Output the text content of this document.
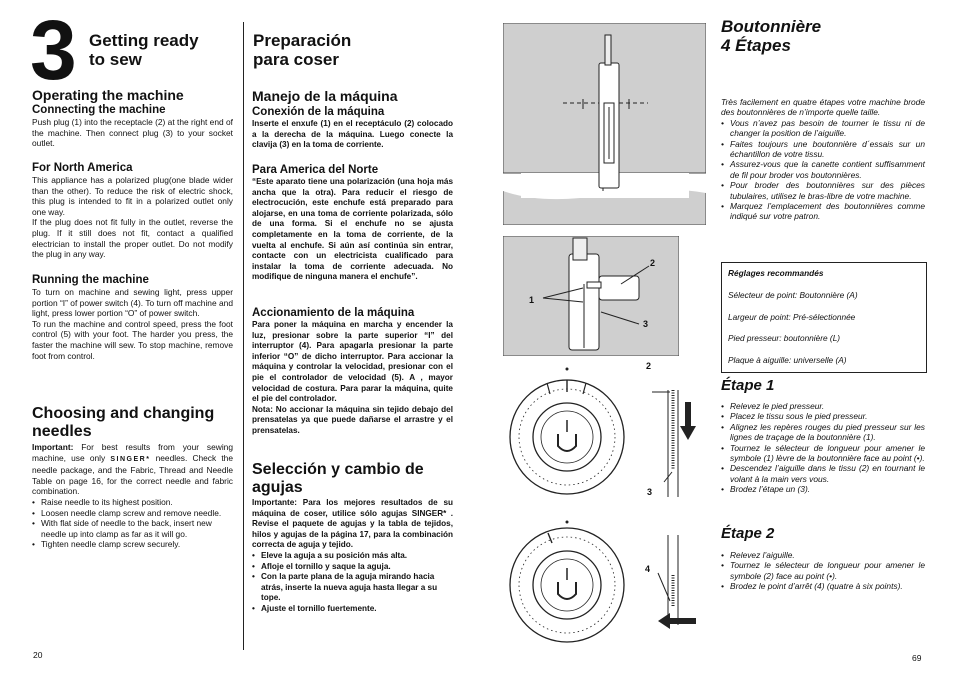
3 Getting ready
to sew
Operating the machine
Connecting the machine
Push plug (1) into the receptacle (2) at the right end of the machine. Then connect plug (3) to your socket outlet.
For North America
This appliance has a polarized plug(one blade wider than the other). To reduce the risk of electric shock, this plug is intended to fit in a polarized outlet only one way.
If the plug does not fit fully in the outlet, reverse the plug. If it still does not fit, contact a qualified electrician to install the proper outlet. Do not modify the plug in any way.
Running the machine
To turn on machine and sewing light, press upper portion “I” of power switch (4). To turn off machine and light, press lower portion “O” of power switch.
To run the machine and control speed, press the foot control (5) with your foot. The harder you press, the faster the machine will sew. To stop machine, remove foot from control.
Choosing and changing needles
Important: For best results from your sewing machine, use only SINGER* needles. Check the needle package, and the Fabric, Thread and Needle Table on page 16, for the correct needle and fabric combination.
• Raise needle to its highest position.
• Loosen needle clamp screw and remove needle.
• With flat side of needle to the back, insert new needle up into clamp as far as it will go.
• Tighten needle clamp screw securely.
20
Preparación
para coser
Manejo de la máquina
Conexión de la máquina
Inserte el enxufe (1) en el receptáculo (2) colocado a la derecha de la máquina. Luego conecte la clavija (3) en la toma de corriente.
Para America del Norte
“Este aparato tiene una polarización (una hoja más ancha que la otra). Para reducir el riesgo de electrocución, este enchufe está preparado para alojarse, en una toma de corriente polarizada, sólo de una forma. Si el enchufe no se ajusta completamente en la toma de corriente, de la vuelta al enchufe. Si aún así continúa sin entrar, contacte con un electricista cualificado para instalar la toma de corriente adecuada. No modifique de ninguna manera el enchufe”.
Accionamiento de la máquina
Para poner la máquina en marcha y encender la luz, presionar sobre la parte superior “I” del interruptor (4). Para apagarla presionar la parte inferior “O” de dicho interruptor. Para accionar la máquina y controlar la velocidad, presionar con el pie el controlador de velocidad (5). A , mayor velocidad de costura. Para parar la máquina, quite el pie del controlador.
Nota: No accionar la máquina sin tejido debajo del prensatelas ya que puede dañarse el arrastre y el prensatelas.
Selección y cambio de agujas
Importante: Para los mejores resultados de su máquina de coser, utilice sólo agujas SINGER* . Revise el paquete de agujas y la tabla de tejidos, hilos y agujas de la página 17, para la combinación correcta de aguja y tejido.
• Eleve la aguja a su posición más alta.
• Afloje el tornillo y saque la aguja.
• Con la parte plana de la aguja mirando hacia atrás, inserte la nueva aguja hasta llegar a su tope.
• Ajuste el tornillo fuertemente.
2
1
3
2
3
4
Boutonnière
4 Étapes
Très facilement en quatre étapes votre machine brode des boutonnières de n’importe quelle taille.
• Vous n’avez pas besoin de tourner le tissu ni de changer la position de l’aiguille.
• Faites toujours une boutonnière d´essais sur un échantillon de votre tissu.
• Assurez-vous que la canette contient suffisamment de fil pour broder vos boutonnières.
• Pour broder des boutonnières sur des pièces tubulaires, utilisez le bras-libre de votre machine.
• Marquez l’emplacement des boutonnières comme indiqué sur votre patron.
Réglages recommandés
Sélecteur de point: Boutonnière (A)
Largeur de point: Pré-sélectionnée
Pied presseur: boutonnière (L)
Plaque à aiguille: universelle (A)
Étape 1
• Relevez le pied presseur.
• Placez le tissu sous le pied presseur.
• Alignez les repères rouges du pied presseur sur les lignes de traçage de la boutonnière (1).
• Tournez le sélecteur de longueur pour amener le symbole (1) lèvre de la boutonnière face au point (•).
• Descendez l’aiguille dans le tissu (2) en tournant le volant à la main vers vous.
• Brodez l’étape un (3).
Étape 2
• Relevez l’aiguille.
• Tournez le sélecteur de longueur pour amener le symbole (2) face au point (•).
• Brodez le point d’arrêt (4) (quatre à six points).
69
